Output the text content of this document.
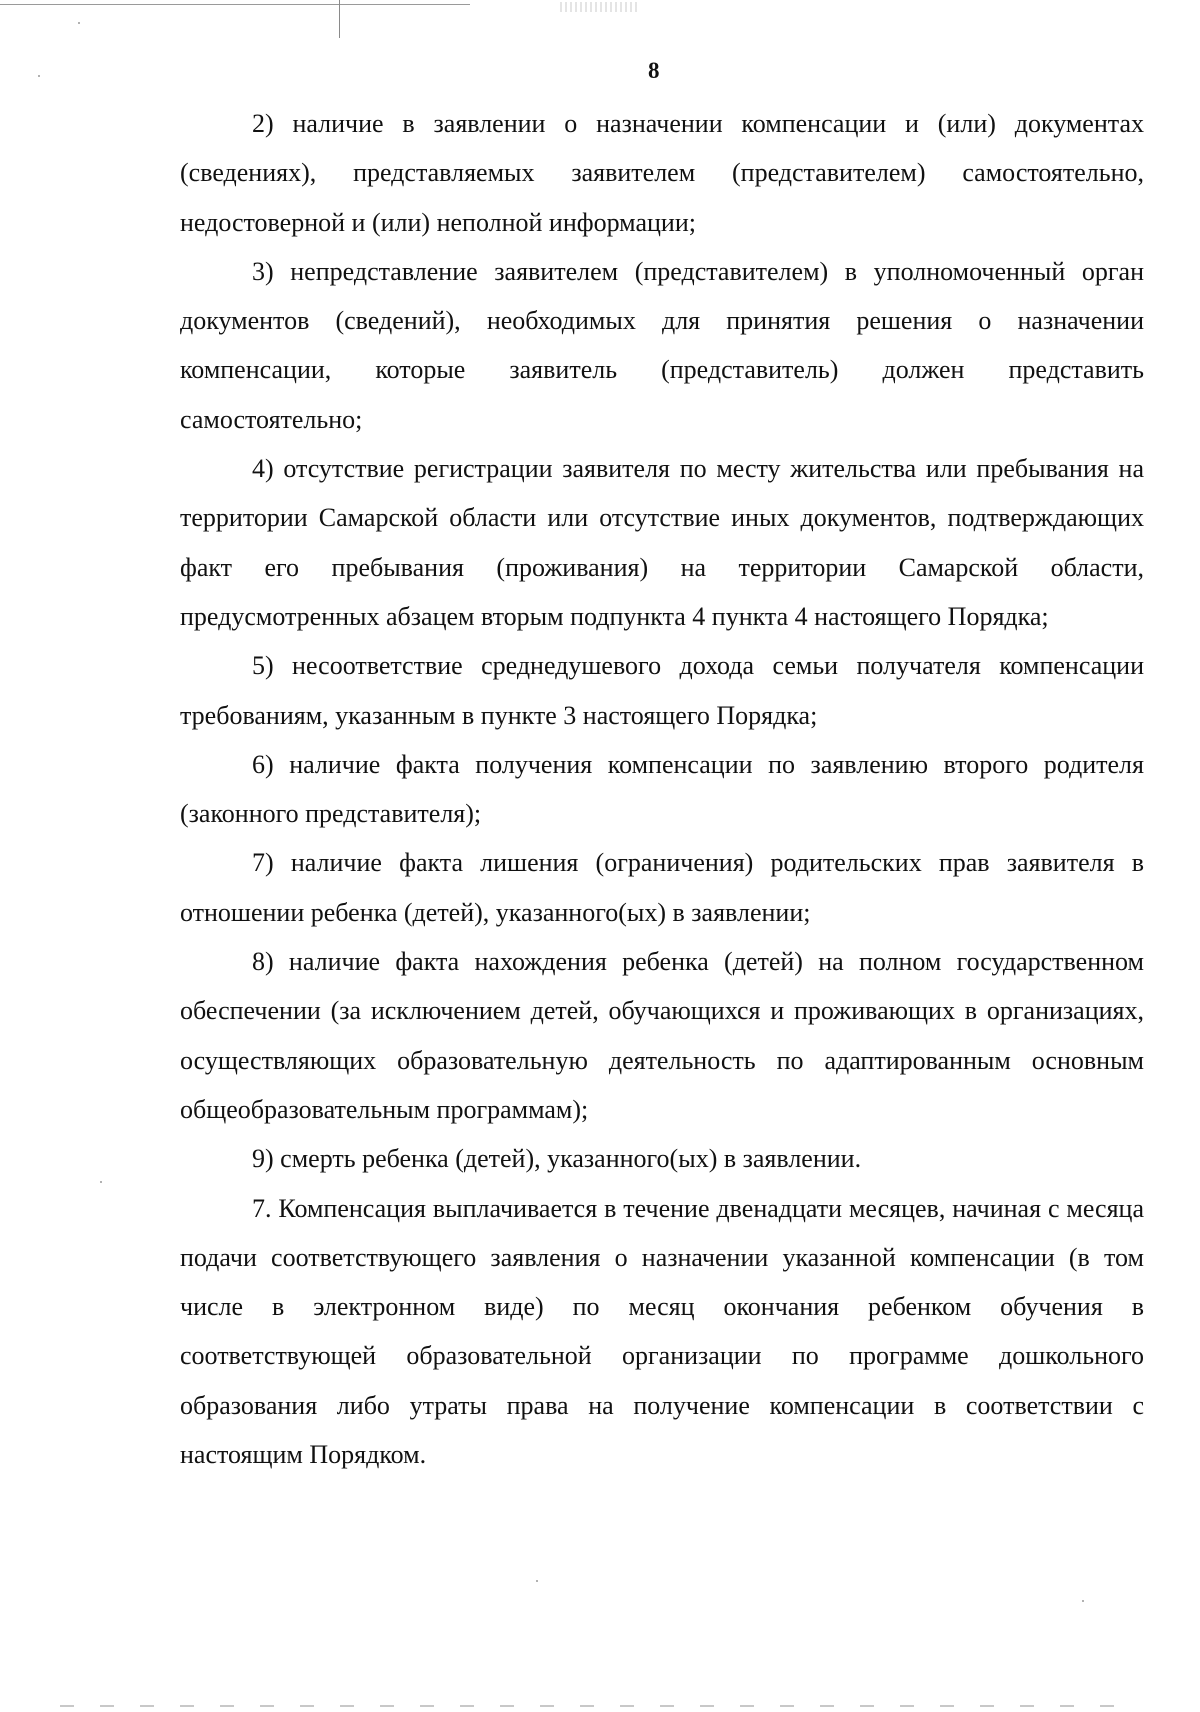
8

2) наличие в заявлении о назначении компенсации и (или) документах (сведениях), представляемых заявителем (представителем) самостоятельно, недостоверной и (или) неполной информации;

3) непредставление заявителем (представителем) в уполномоченный орган документов (сведений), необходимых для принятия решения о назначении компенсации, которые заявитель (представитель) должен представить самостоятельно;

4) отсутствие регистрации заявителя по месту жительства или пребывания на территории Самарской области или отсутствие иных документов, подтверждающих факт его пребывания (проживания) на территории Самарской области, предусмотренных абзацем вторым подпункта 4 пункта 4 настоящего Порядка;

5) несоответствие среднедушевого дохода семьи получателя компенсации требованиям, указанным в пункте 3 настоящего Порядка;

6) наличие факта получения компенсации по заявлению второго родителя (законного представителя);

7) наличие факта лишения (ограничения) родительских прав заявителя в отношении ребенка (детей), указанного(ых) в заявлении;

8) наличие факта нахождения ребенка (детей) на полном государственном обеспечении (за исключением детей, обучающихся и проживающих в организациях, осуществляющих образовательную деятельность по адаптированным основным общеобразовательным программам);

9) смерть ребенка (детей), указанного(ых) в заявлении.

7. Компенсация выплачивается в течение двенадцати месяцев, начиная с месяца подачи соответствующего заявления о назначении указанной компенсации (в том числе в электронном виде) по месяц окончания ребенком обучения в соответствующей образовательной организации по программе дошкольного образования либо утраты права на получение компенсации в соответствии с настоящим Порядком.
